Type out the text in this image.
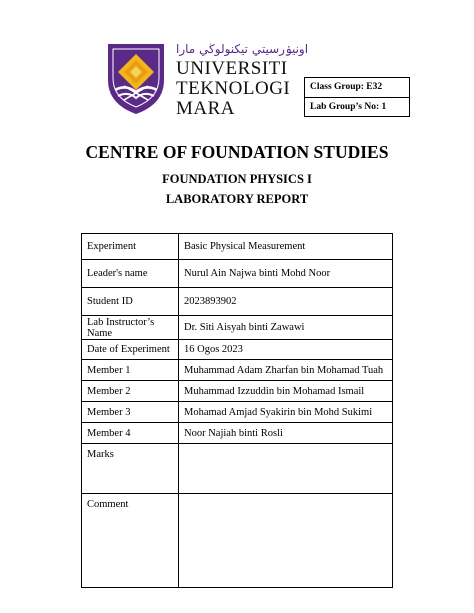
اونيۏرسيتي تيكنولوڬي مارا
UNIVERSITI
TEKNOLOGI
MARA
Class Group: E32
Lab Group’s No: 1
CENTRE OF FOUNDATION STUDIES
FOUNDATION PHYSICS I
LABORATORY REPORT
Experiment	Basic Physical Measurement
Leader's name	Nurul Ain Najwa binti Mohd Noor
Student ID	2023893902
Lab Instructor’s Name	Dr. Siti Aisyah binti Zawawi
Date of Experiment	16 Ogos 2023
Member 1	Muhammad Adam Zharfan bin Mohamad Tuah
Member 2	Muhammad Izzuddin bin Mohamad Ismail
Member 3	Mohamad Amjad Syakirin bin Mohd Sukimi
Member 4	Noor Najiah binti Rosli
Marks	
Comment	
